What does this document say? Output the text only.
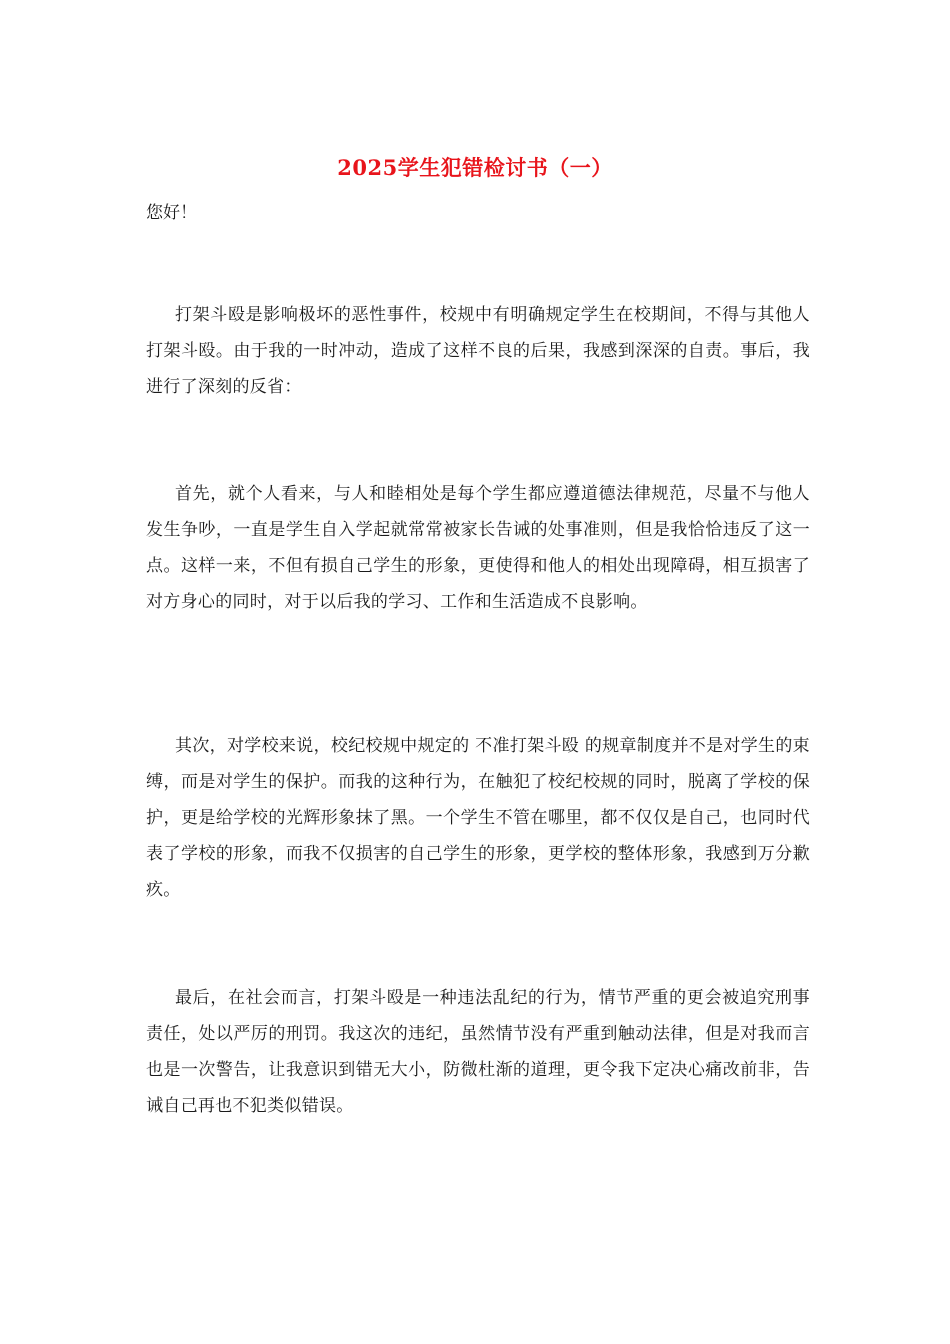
2025学生犯错检讨书（一）
您好！

打架斗殴是影响极坏的恶性事件，校规中有明确规定学生在校期间，不得与其他人打架斗殴。由于我的一时冲动，造成了这样不良的后果，我感到深深的自责。事后，我进行了深刻的反省：

首先，就个人看来，与人和睦相处是每个学生都应遵道德法律规范，尽量不与他人发生争吵，一直是学生自入学起就常常被家长告诫的处事准则，但是我恰恰违反了这一点。这样一来，不但有损自己学生的形象，更使得和他人的相处出现障碍，相互损害了对方身心的同时，对于以后我的学习、工作和生活造成不良影响。

其次，对学校来说，校纪校规中规定的 不准打架斗殴 的规章制度并不是对学生的束缚，而是对学生的保护。而我的这种行为，在触犯了校纪校规的同时，脱离了学校的保护，更是给学校的光辉形象抹了黑。一个学生不管在哪里，都不仅仅是自己，也同时代表了学校的形象，而我不仅损害的自己学生的形象，更学校的整体形象，我感到万分歉疚。

最后，在社会而言，打架斗殴是一种违法乱纪的行为，情节严重的更会被追究刑事责任，处以严厉的刑罚。我这次的违纪，虽然情节没有严重到触动法律，但是对我而言也是一次警告，让我意识到错无大小，防微杜渐的道理，更令我下定决心痛改前非，告诫自己再也不犯类似错误。
